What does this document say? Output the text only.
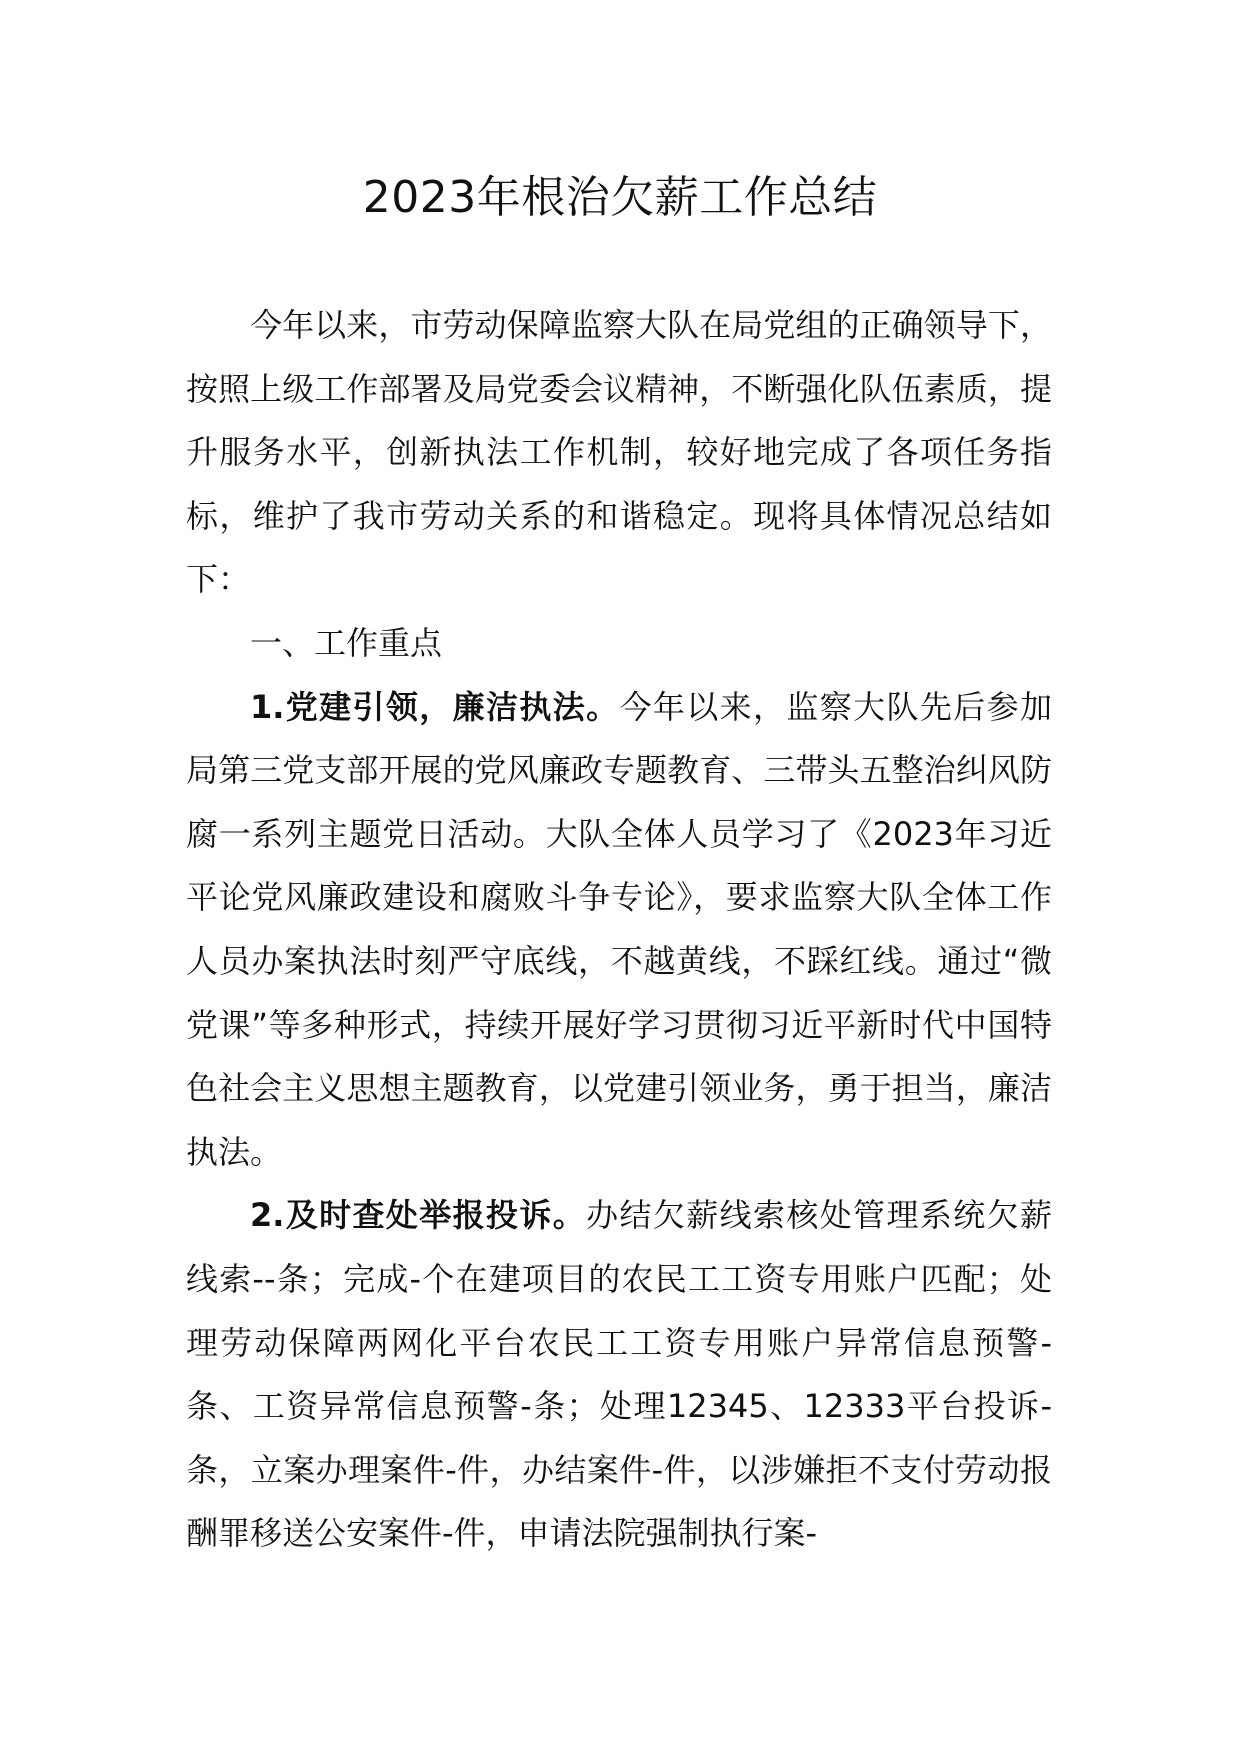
2023年根治欠薪工作总结

今年以来，市劳动保障监察大队在局党组的正确领导下，按照上级工作部署及局党委会议精神，不断强化队伍素质，提升服务水平，创新执法工作机制，较好地完成了各项任务指标，维护了我市劳动关系的和谐稳定。现将具体情况总结如下：

一、工作重点

1.党建引领，廉洁执法。今年以来，监察大队先后参加局第三党支部开展的党风廉政专题教育、三带头五整治纠风防腐一系列主题党日活动。大队全体人员学习了《2023年习近平论党风廉政建设和腐败斗争专论》，要求监察大队全体工作人员办案执法时刻严守底线，不越黄线，不踩红线。通过“微党课”等多种形式，持续开展好学习贯彻习近平新时代中国特色社会主义思想主题教育，以党建引领业务，勇于担当，廉洁执法。

2.及时查处举报投诉。办结欠薪线索核处管理系统欠薪线索--条；完成-个在建项目的农民工工资专用账户匹配；处理劳动保障两网化平台农民工工资专用账户异常信息预警-条、工资异常信息预警-条；处理12345、12333平台投诉-条，立案办理案件-件，办结案件-件，以涉嫌拒不支付劳动报酬罪移送公安案件-件，申请法院强制执行案-
